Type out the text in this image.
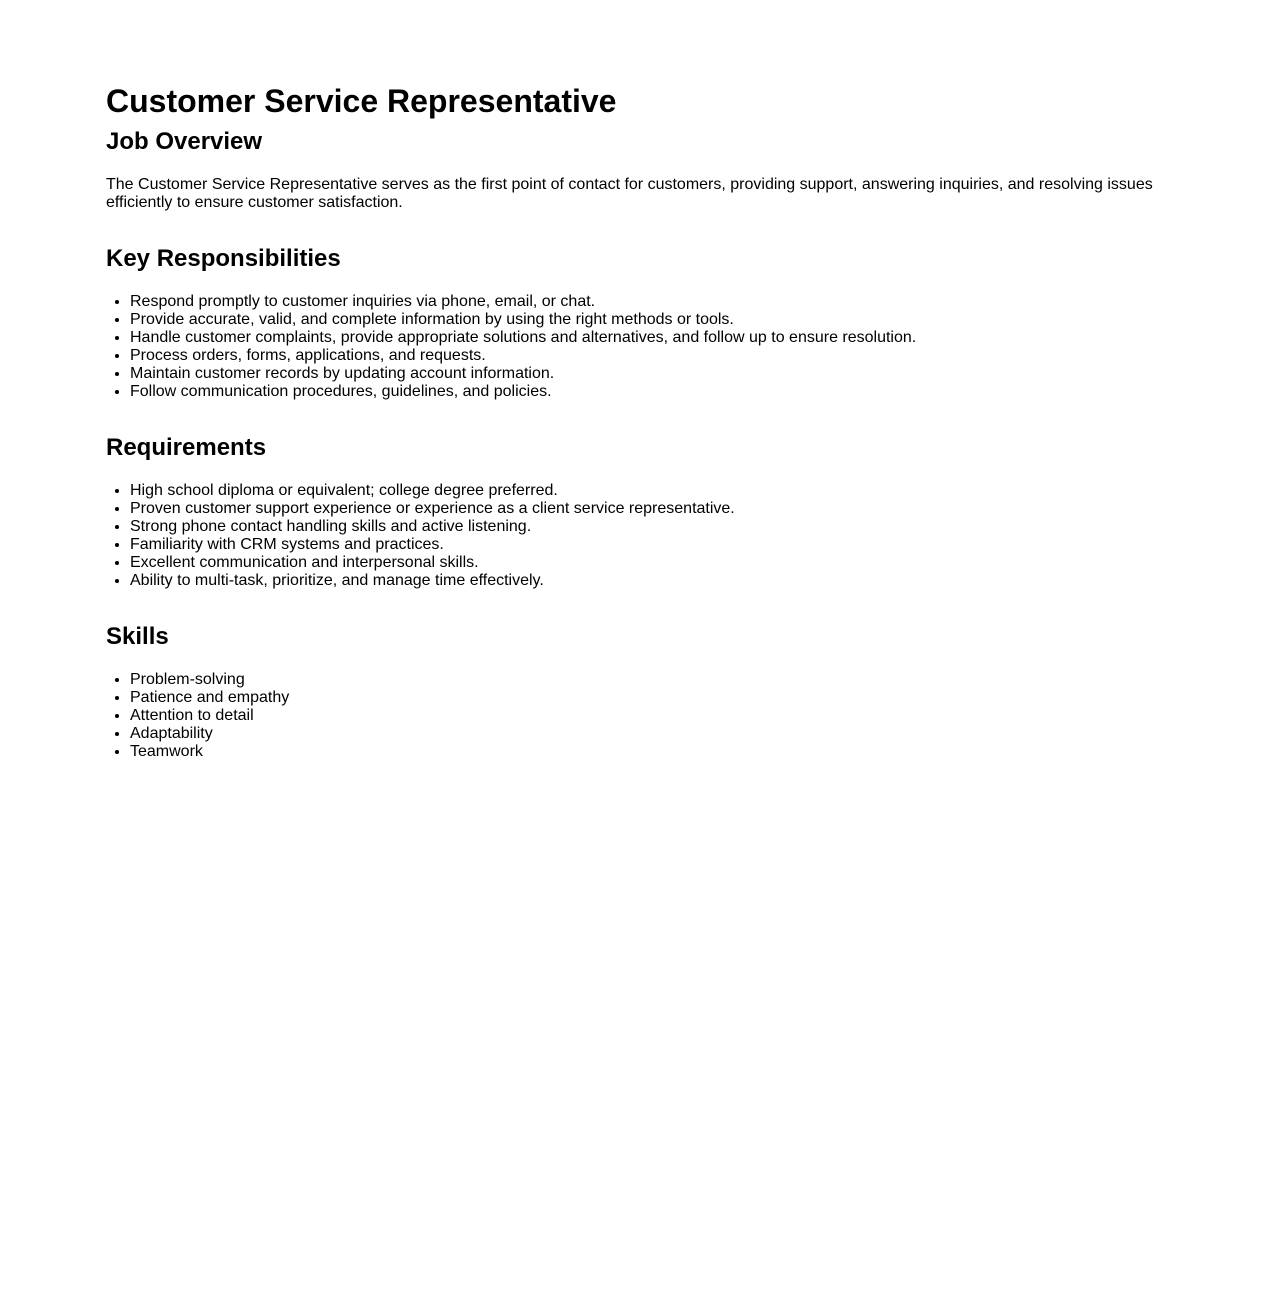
Customer Service Representative
Job Overview

The Customer Service Representative serves as the first point of contact for customers, providing support, answering inquiries, and resolving issues efficiently to ensure customer satisfaction.

Key Responsibilities
• Respond promptly to customer inquiries via phone, email, or chat.
• Provide accurate, valid, and complete information by using the right methods or tools.
• Handle customer complaints, provide appropriate solutions and alternatives, and follow up to ensure resolution.
• Process orders, forms, applications, and requests.
• Maintain customer records by updating account information.
• Follow communication procedures, guidelines, and policies.
Requirements
• High school diploma or equivalent; college degree preferred.
• Proven customer support experience or experience as a client service representative.
• Strong phone contact handling skills and active listening.
• Familiarity with CRM systems and practices.
• Excellent communication and interpersonal skills.
• Ability to multi-task, prioritize, and manage time effectively.
Skills
• Problem-solving
• Patience and empathy
• Attention to detail
• Adaptability
• Teamwork
